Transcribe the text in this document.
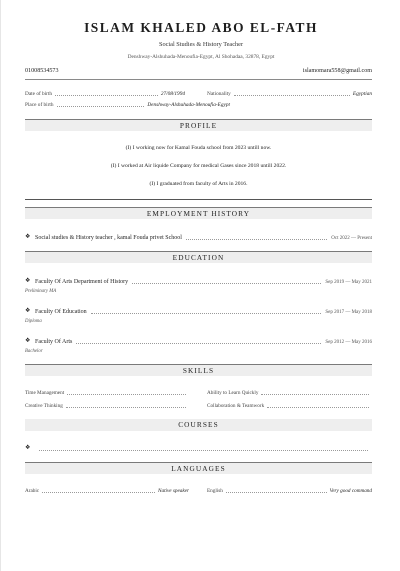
ISLAM KHALED ABO EL-FATH
Social Studies & History Teacher
Denshway-Alshuhada-Menoufia-Egypt, Al Shohadaa, 32878, Egypt
01008534573	islamomara558@gmail.com
Date of birth	27/08/1994	Nationality	Egyptian
Place of birth	Denshway-Alshuhada-Menoufia-Egypt
PROFILE
(I) I working now for Kamal Fouda school from 2023 untill now.
(I) I worked at Air liquide Company for medical Gases since 2018 untill 2022.
(I) I graduated from faculty of Arts in 2016.
EMPLOYMENT HISTORY
❖ Social studies & History teacher , kamal Fouda privet School	Oct 2022 — Present
EDUCATION
❖ Faculty Of Arts Department of History	Sep 2019 — May 2021
Preliminary MA
❖ Faculty Of Education	Sep 2017 — May 2018
Diploma
❖ Faculty Of Arts	Sep 2012 — May 2016
Bachelor
SKILLS
Time Management	Ability to Learn Quickly
Creative Thinking	Collaboration & Teamwork
COURSES
❖
LANGUAGES
Arabic	Native speaker	English	Very good command
